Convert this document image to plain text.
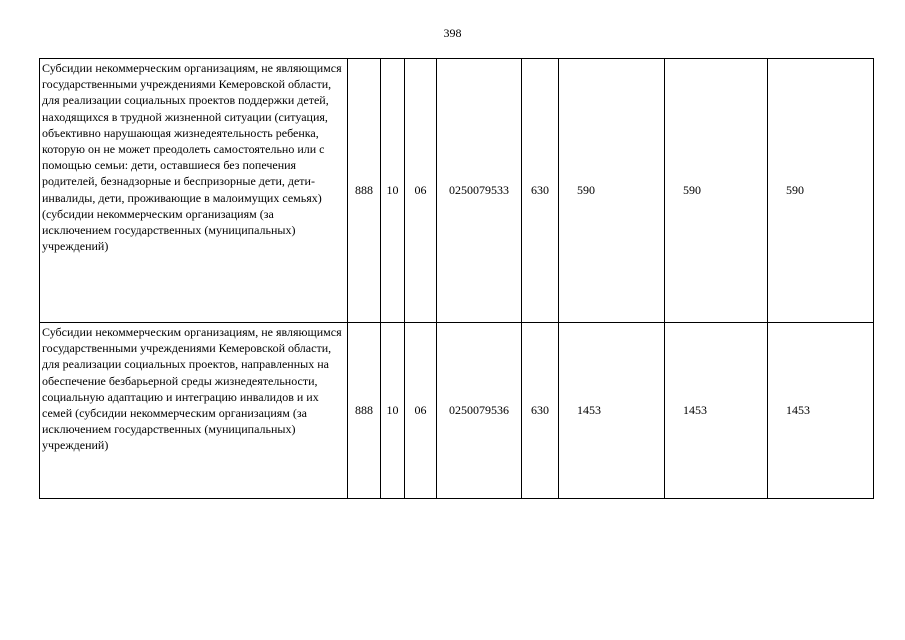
398
Субсидии некоммерческим организациям, не являющимся государственными учреждениями Кемеровской области, для реализации социальных проектов поддержки детей, находящихся в трудной жизненной ситуации (ситуация, объективно нарушающая жизнедеятельность ребенка, которую он не может преодолеть самостоятельно или с помощью семьи: дети, оставшиеся без попечения родителей, безнадзорные и беспризорные дети, дети-инвалиды, дети, проживающие в малоимущих семьях) (субсидии некоммерческим организациям (за исключением государственных (муниципальных) учреждений)	888	10	06	0250079533	630	590	590	590
Субсидии некоммерческим организациям, не являющимся государственными учреждениями Кемеровской области, для реализации социальных проектов, направленных на обеспечение безбарьерной среды жизнедеятельности, социальную адаптацию и интеграцию инвалидов и их семей (субсидии некоммерческим организациям (за исключением государственных (муниципальных) учреждений)	888	10	06	0250079536	630	1453	1453	1453
